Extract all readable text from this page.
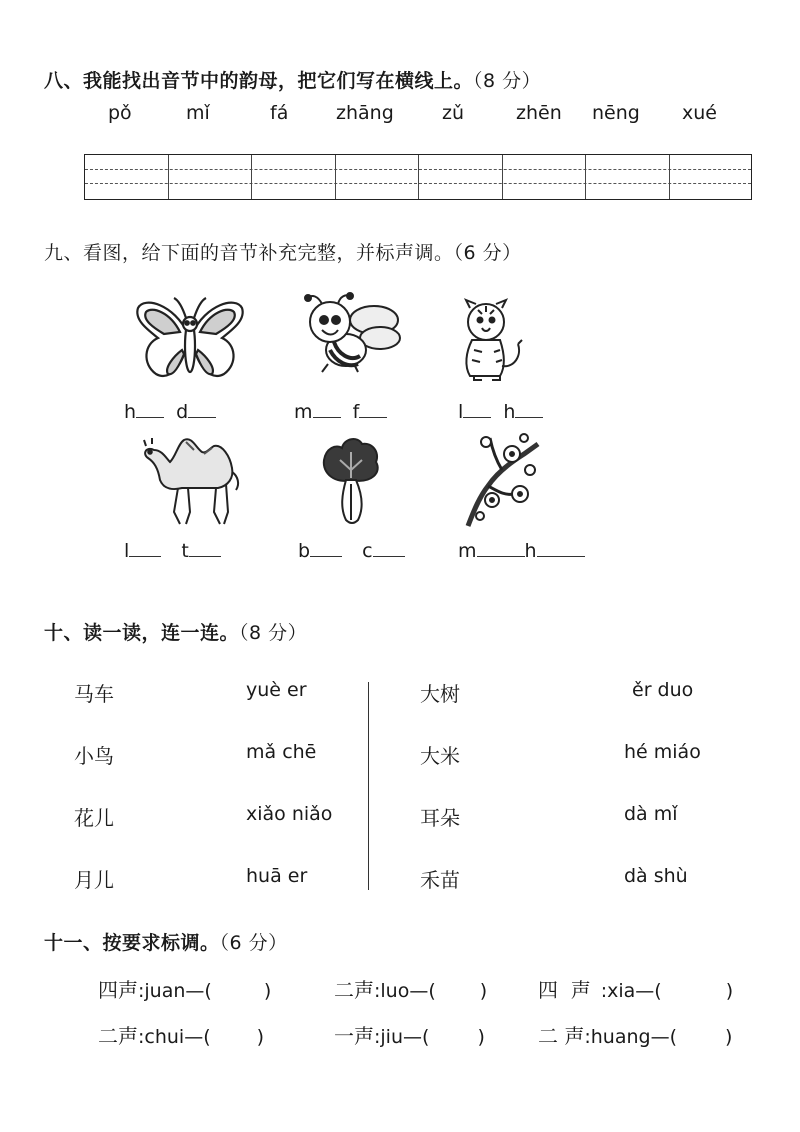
八、我能找出音节中的韵母，把它们写在横线上。（8 分）
pǒ	mǐ	fá	zhāng	zǔ	zhēn nēng xué
九、看图，给下面的音节补充完整，并标声调。（6 分）
h d	m f	l h
l	t	b	c	m	h
十、读一读，连一连。（8 分）
马车	yuè er
小鸟	mǎ chē
花儿	xiǎo niǎo
月儿	huā er
大树	ěr duo
大米	hé miáo
耳朵	dà mǐ
禾苗	dà shù
十一、按要求标调。（6 分）
四声:juan—(	)	二声:luo—( )	四  声 :xia—(	)
二声:chui—( )	一声:jiu—(	)	二 声:huang—(	)
